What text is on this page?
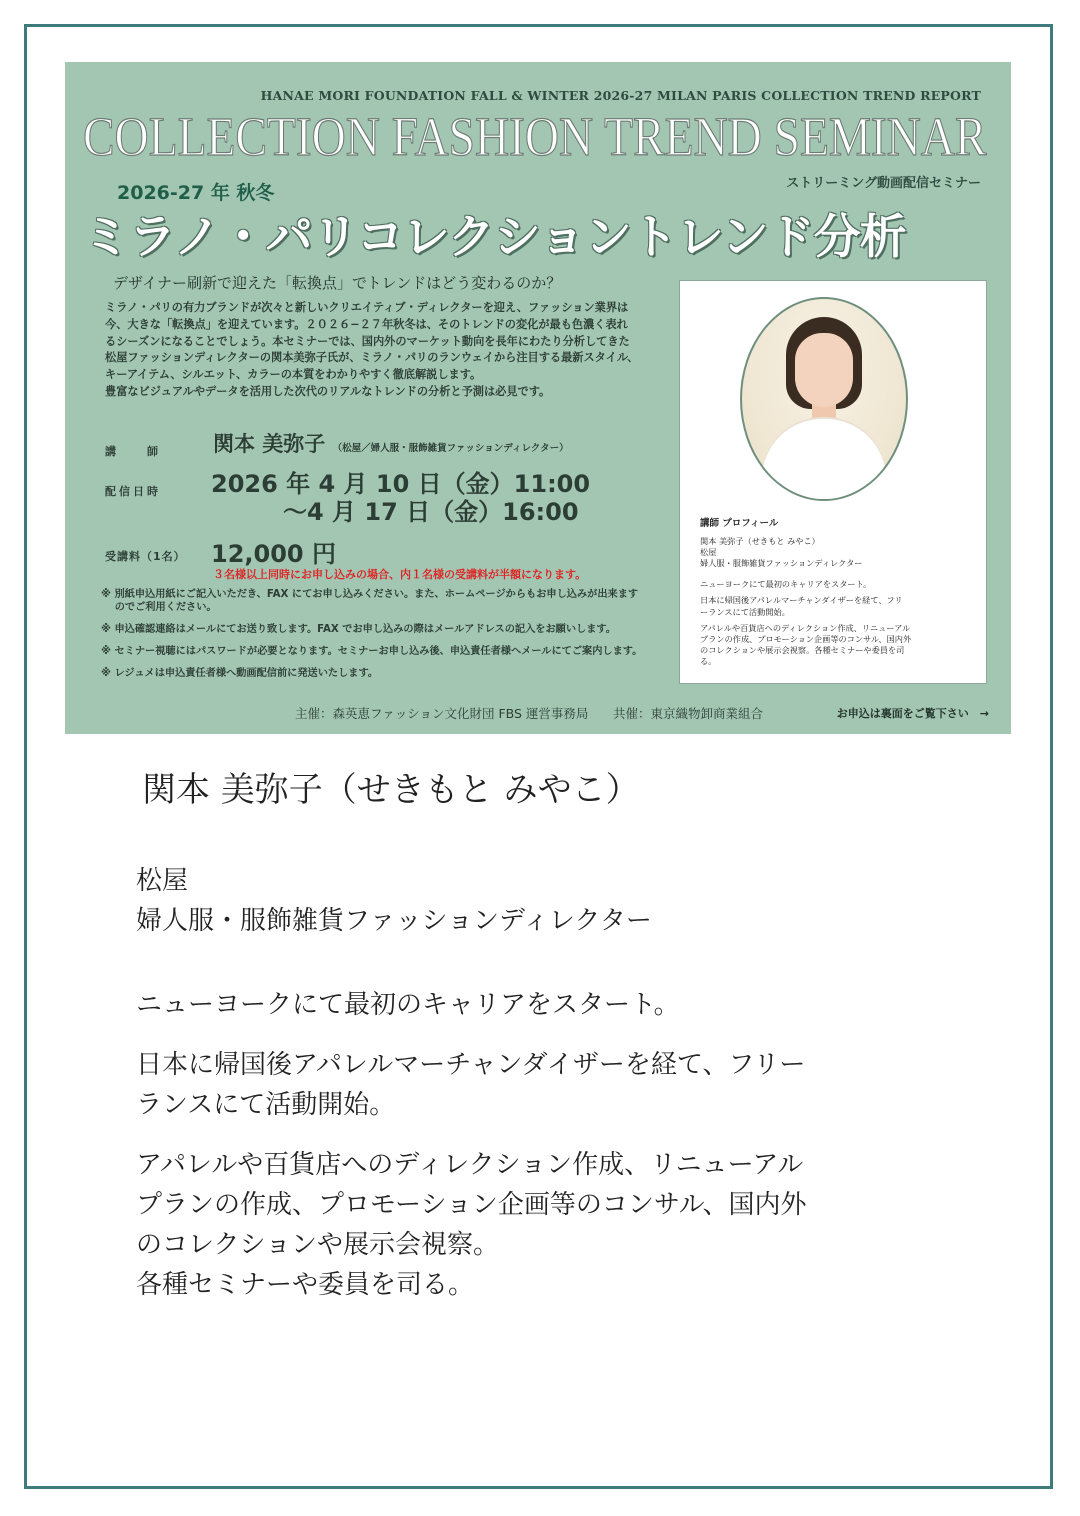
HANAE MORI FOUNDATION FALL & WINTER 2026-27 MILAN PARIS COLLECTION TREND REPORT
COLLECTION FASHION TREND SEMINAR
2026-27 年 秋冬	ストリーミング動画配信セミナー
ミラノ・パリコレクショントレンド分析
デザイナー刷新で迎えた「転換点」でトレンドはどう変わるのか？
ミラノ・パリの有力ブランドが次々と新しいクリエイティブ・ディレクターを迎え、ファッション業界は
今、大きな「転換点」を迎えています。２０２６−２７年秋冬は、そのトレンドの変化が最も色濃く表れ
るシーズンになることでしょう。本セミナーでは、国内外のマーケット動向を長年にわたり分析してきた
松屋ファッションディレクターの関本美弥子氏が、ミラノ・パリのランウェイから注目する最新スタイル、
キーアイテム、シルエット、カラーの本質をわかりやすく徹底解説します。
豊富なビジュアルやデータを活用した次代のリアルなトレンドの分析と予測は必見です。
講　　師	関本 美弥子 （松屋／婦人服・服飾雑貨ファッションディレクター）
配信日時	2026 年 4 月 10 日（金）11:00
～4 月 17 日（金）16:00
受講料（1名）	12,000 円
３名様以上同時にお申し込みの場合、内１名様の受講料が半額になります。
※ 別紙申込用紙にご記入いただき、FAX にてお申し込みください。また、ホームページからもお申し込みが出来ます
　 のでご利用ください。
※ 申込確認連絡はメールにてお送り致します。FAX でお申し込みの際はメールアドレスの記入をお願いします。
※ セミナー視聴にはパスワードが必要となります。セミナーお申し込み後、申込責任者様へメールにてご案内します。
※ レジュメは申込責任者様へ動画配信前に発送いたします。
主催：森英恵ファッション文化財団 FBS 運営事務局 共催：東京織物卸商業組合	お申込は裏面をご覧下さい　→
講師 プロフィール

関本 美弥子（せきもと みやこ）

松屋

婦人服・服飾雑貨ファッションディレクター

ニューヨークにて最初のキャリアをスタート。

日本に帰国後アパレルマーチャンダイザーを経て、フリーランスにて活動開始。

アパレルや百貨店へのディレクション作成、リニューアルプランの作成、プロモーション企画等のコンサル、国内外のコレクションや展示会視察。各種セミナーや委員を司る。

関本 美弥子（せきもと みやこ）
松屋
婦人服・服飾雑貨ファッションディレクター
ニューヨークにて最初のキャリアをスタート。
日本に帰国後アパレルマーチャンダイザーを経て、フリー
ランスにて活動開始。
アパレルや百貨店へのディレクション作成、リニューアル
プランの作成、プロモーション企画等のコンサル、国内外
のコレクションや展示会視察。
各種セミナーや委員を司る。
